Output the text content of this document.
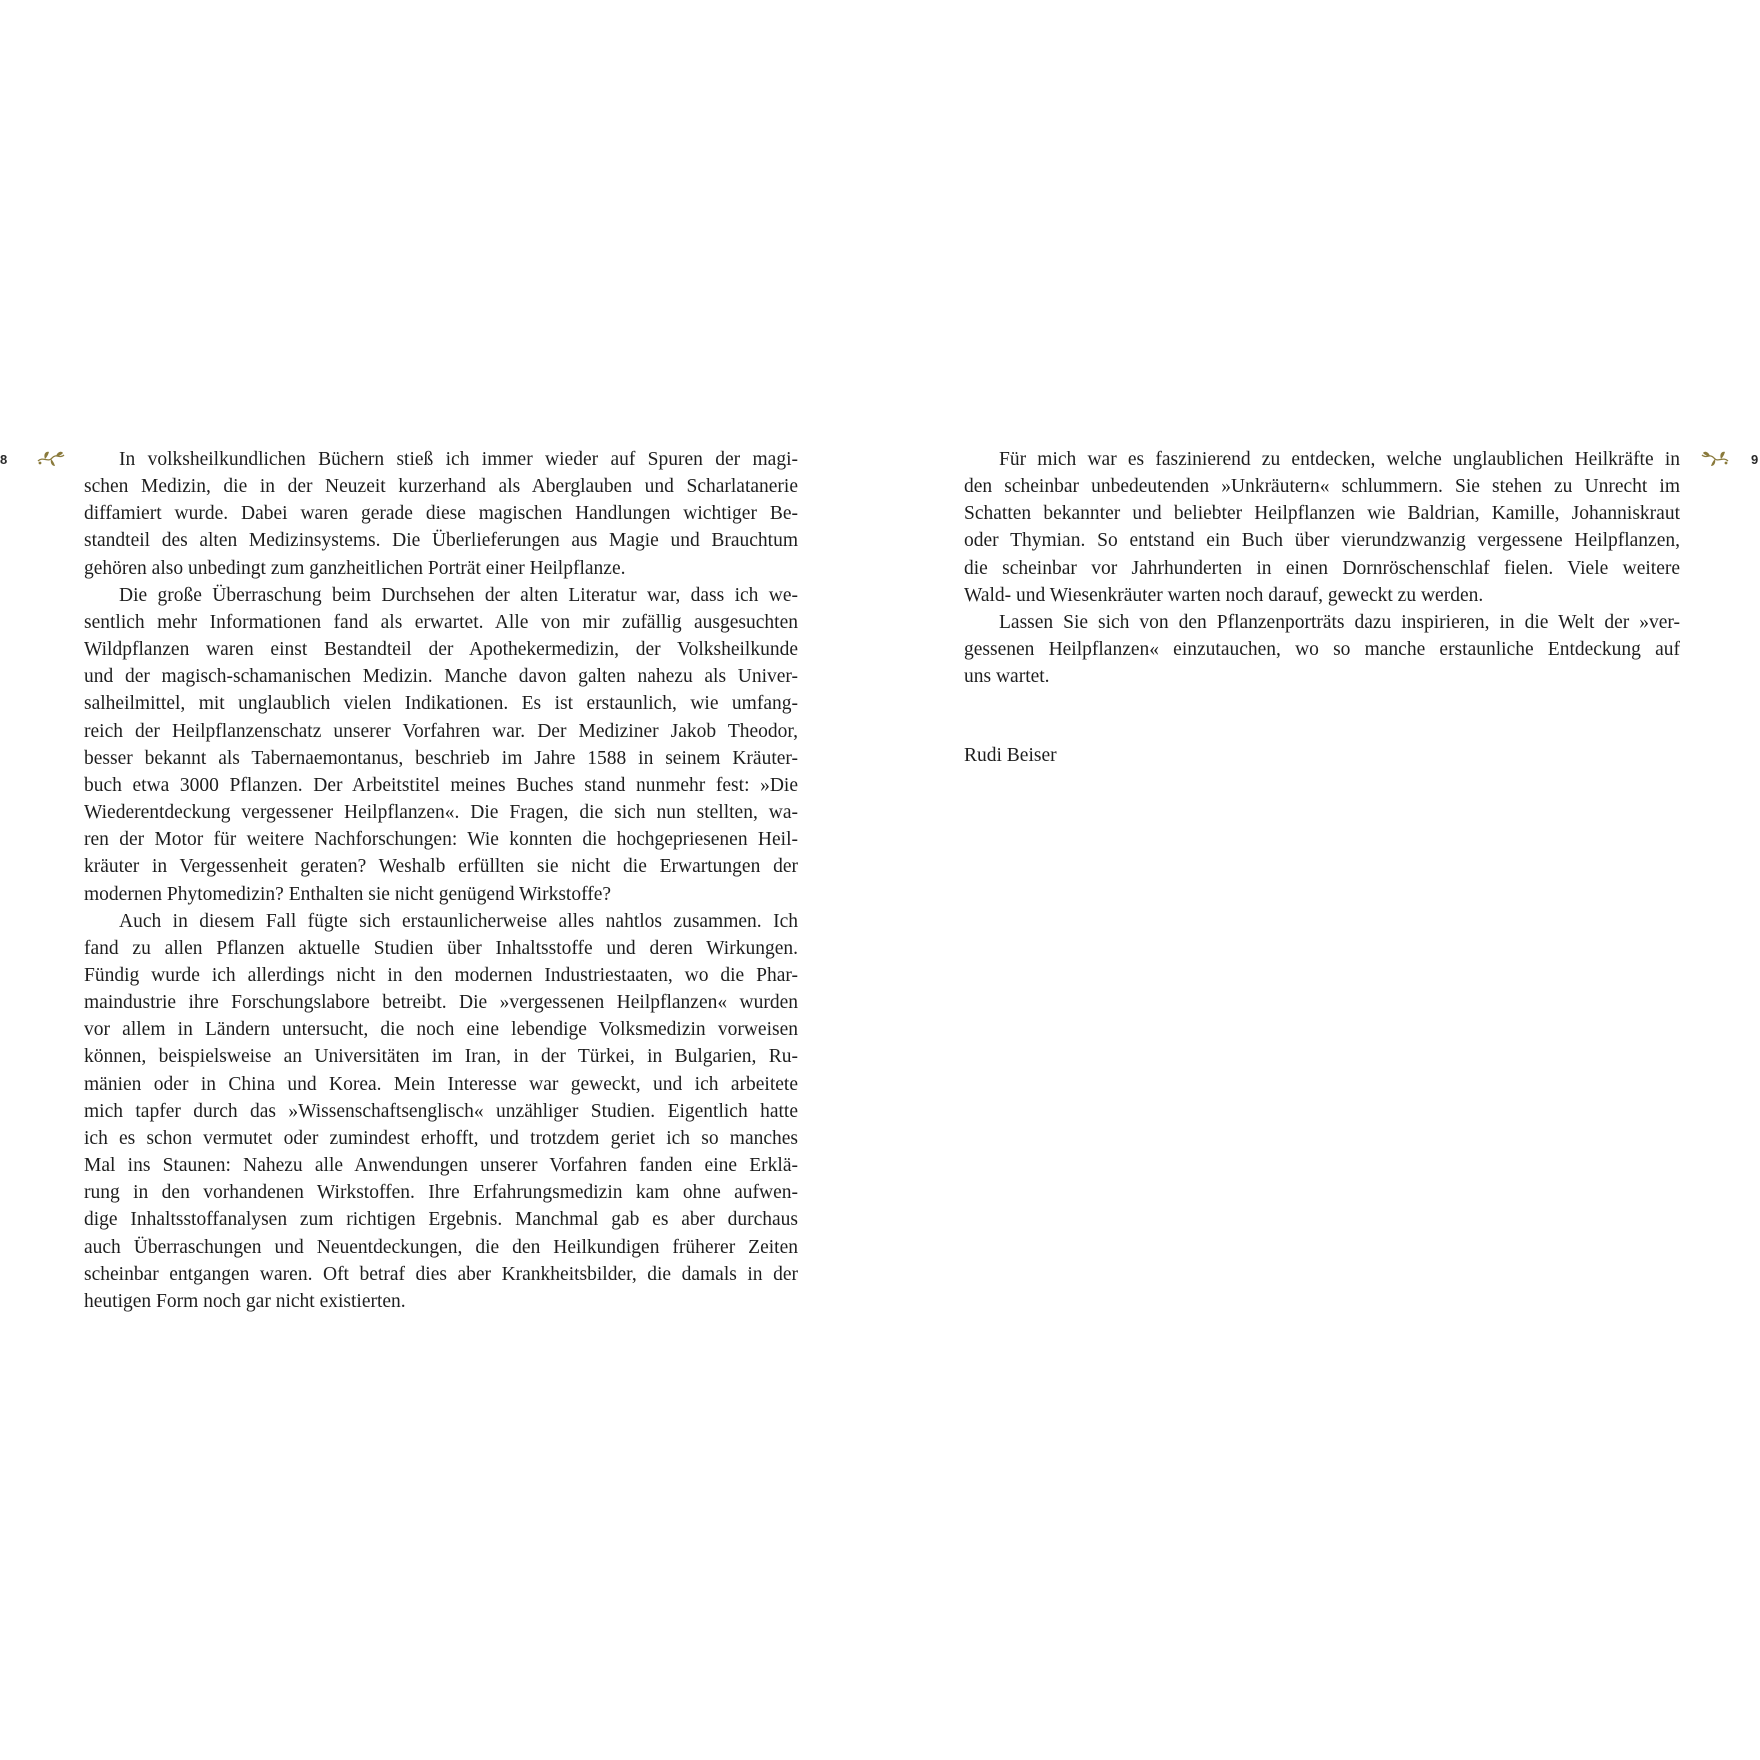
8	In volksheilkundlichen Büchern stieß ich immer wieder auf Spuren der magi-
schen Medizin, die in der Neuzeit kurzerhand als Aberglauben und Scharlatanerie
diffamiert wurde. Dabei waren gerade diese magischen Handlungen wichtiger Be-
standteil des alten Medizinsystems. Die Überlieferungen aus Magie und Brauchtum
gehören also unbedingt zum ganzheitlichen Porträt einer Heilpflanze.
Die große Überraschung beim Durchsehen der alten Literatur war, dass ich we-
sentlich mehr Informationen fand als erwartet. Alle von mir zufällig ausgesuchten
Wildpflanzen waren einst Bestandteil der Apothekermedizin, der Volksheilkunde
und der magisch-schamanischen Medizin. Manche davon galten nahezu als Univer-
salheilmittel, mit unglaublich vielen Indikationen. Es ist erstaunlich, wie umfang-
reich der Heilpflanzenschatz unserer Vorfahren war. Der Mediziner Jakob Theodor,
besser bekannt als Tabernaemontanus, beschrieb im Jahre 1588 in seinem Kräuter-
buch etwa 3000 Pflanzen. Der Arbeitstitel meines Buches stand nunmehr fest: »Die
Wiederentdeckung vergessener Heilpflanzen«. Die Fragen, die sich nun stellten, wa-
ren der Motor für weitere Nachforschungen: Wie konnten die hochgepriesenen Heil-
kräuter in Vergessenheit geraten? Weshalb erfüllten sie nicht die Erwartungen der
modernen Phytomedizin? Enthalten sie nicht genügend Wirkstoffe?
Auch in diesem Fall fügte sich erstaunlicherweise alles nahtlos zusammen. Ich
fand zu allen Pflanzen aktuelle Studien über Inhaltsstoffe und deren Wirkungen.
Fündig wurde ich allerdings nicht in den modernen Industriestaaten, wo die Phar-
maindustrie ihre Forschungslabore betreibt. Die »vergessenen Heilpflanzen« wurden
vor allem in Ländern untersucht, die noch eine lebendige Volksmedizin vorweisen
können, beispielsweise an Universitäten im Iran, in der Türkei, in Bulgarien, Ru-
mänien oder in China und Korea. Mein Interesse war geweckt, und ich arbeitete
mich tapfer durch das »Wissenschaftsenglisch« unzähliger Studien. Eigentlich hatte
ich es schon vermutet oder zumindest erhofft, und trotzdem geriet ich so manches
Mal ins Staunen: Nahezu alle Anwendungen unserer Vorfahren fanden eine Erklä-
rung in den vorhandenen Wirkstoffen. Ihre Erfahrungsmedizin kam ohne aufwen-
dige Inhaltsstoffanalysen zum richtigen Ergebnis. Manchmal gab es aber durchaus
auch Überraschungen und Neuentdeckungen, die den Heilkundigen früherer Zeiten
scheinbar entgangen waren. Oft betraf dies aber Krankheitsbilder, die damals in der
heutigen Form noch gar nicht existierten.
Für mich war es faszinierend zu entdecken, welche unglaublichen Heilkräfte in
den scheinbar unbedeutenden »Unkräutern« schlummern. Sie stehen zu Unrecht im
Schatten bekannter und beliebter Heilpflanzen wie Baldrian, Kamille, Johanniskraut
oder Thymian. So entstand ein Buch über vierundzwanzig vergessene Heilpflanzen,
die scheinbar vor Jahrhunderten in einen Dornröschenschlaf fielen. Viele weitere
Wald- und Wiesenkräuter warten noch darauf, geweckt zu werden.
Lassen Sie sich von den Pflanzenporträts dazu inspirieren, in die Welt der »ver-
gessenen Heilpflanzen« einzutauchen, wo so manche erstaunliche Entdeckung auf
uns wartet.
Rudi Beiser
9
